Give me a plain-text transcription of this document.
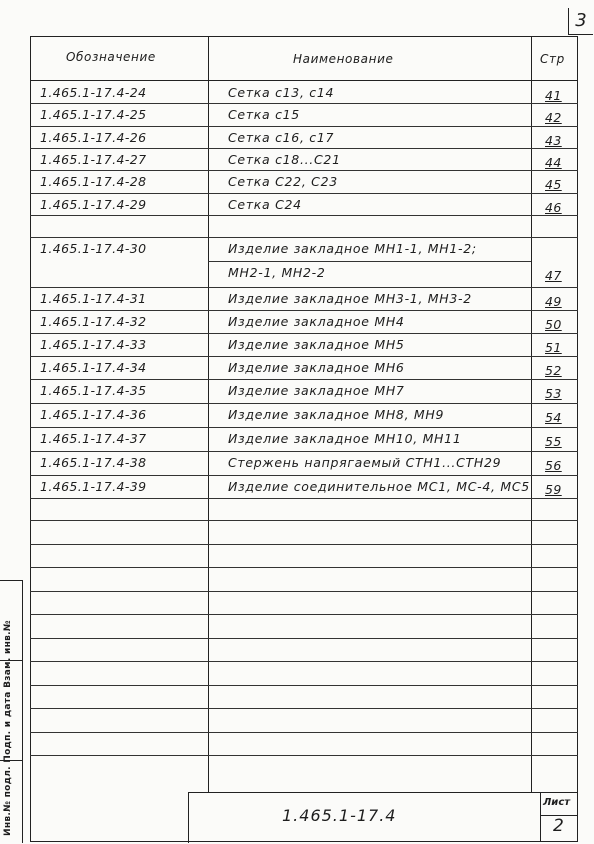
3
Обозначение	Наименование	Стр
1.465.1-17.4-24	Сетка с13, с14	41
1.465.1-17.4-25	Сетка с15	42
1.465.1-17.4-26	Сетка с16, с17	43
1.465.1-17.4-27	Сетка с18...С21	44
1.465.1-17.4-28	Сетка С22, С23	45
1.465.1-17.4-29	Сетка С24	46
1.465.1-17.4-30	Изделие закладное МН1-1, МН1-2;
МН2-1, МН2-2	47
1.465.1-17.4-31	Изделие закладное МН3-1, МН3-2	49
1.465.1-17.4-32	Изделие закладное МН4	50
1.465.1-17.4-33	Изделие закладное МН5	51
1.465.1-17.4-34	Изделие закладное МН6	52
1.465.1-17.4-35	Изделие закладное МН7	53
1.465.1-17.4-36	Изделие закладное МН8, МН9	54
1.465.1-17.4-37	Изделие закладное МН10, МН11	55
1.465.1-17.4-38	Стержень напрягаемый СТН1...СТН29	56
1.465.1-17.4-39	Изделие соединительное МС1, МС-4, МС5 59
1.465.1-17.4
Лист
2
Инв.№ подл. Подп. и дата Взам. инв.№
